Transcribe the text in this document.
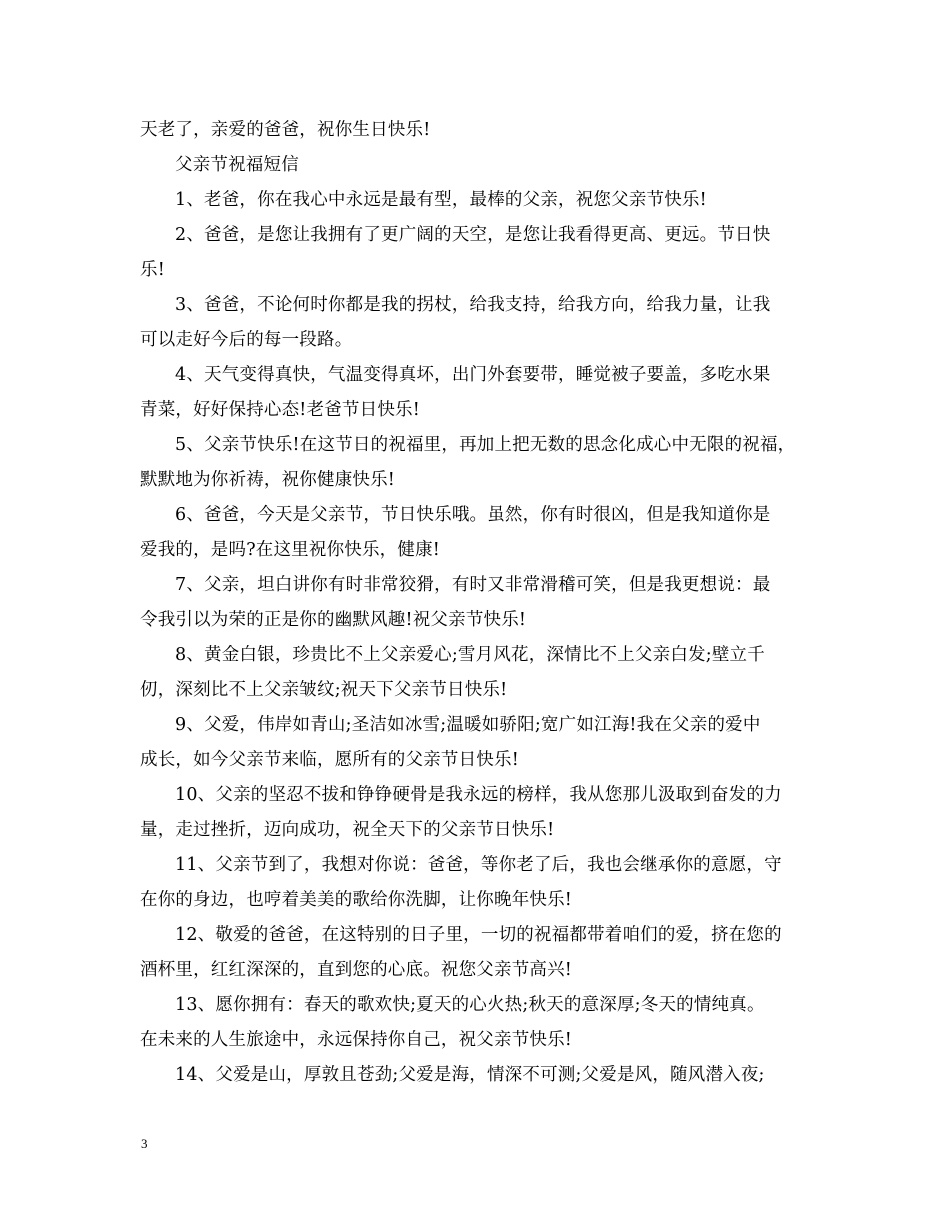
天老了，亲爱的爸爸，祝你生日快乐!
父亲节祝福短信
1、老爸，你在我心中永远是最有型，最棒的父亲，祝您父亲节快乐!
2、爸爸，是您让我拥有了更广阔的天空，是您让我看得更高、更远。节日快
乐!
3、爸爸，不论何时你都是我的拐杖，给我支持，给我方向，给我力量，让我
可以走好今后的每一段路。
4、天气变得真快，气温变得真坏，出门外套要带，睡觉被子要盖，多吃水果
青菜，好好保持心态!老爸节日快乐!
5、父亲节快乐!在这节日的祝福里，再加上把无数的思念化成心中无限的祝福，
默默地为你祈祷，祝你健康快乐!
6、爸爸，今天是父亲节，节日快乐哦。虽然，你有时很凶，但是我知道你是
爱我的，是吗?在这里祝你快乐，健康!
7、父亲，坦白讲你有时非常狡猾，有时又非常滑稽可笑，但是我更想说：最
令我引以为荣的正是你的幽默风趣!祝父亲节快乐!
8、黄金白银，珍贵比不上父亲爱心;雪月风花，深情比不上父亲白发;壁立千
仞，深刻比不上父亲皱纹;祝天下父亲节日快乐!
9、父爱，伟岸如青山;圣洁如冰雪;温暖如骄阳;宽广如江海!我在父亲的爱中
成长，如今父亲节来临，愿所有的父亲节日快乐!
10、父亲的坚忍不拔和铮铮硬骨是我永远的榜样，我从您那儿汲取到奋发的力
量，走过挫折，迈向成功，祝全天下的父亲节日快乐!
11、父亲节到了，我想对你说：爸爸，等你老了后，我也会继承你的意愿，守
在你的身边，也哼着美美的歌给你洗脚，让你晚年快乐!
12、敬爱的爸爸，在这特别的日子里，一切的祝福都带着咱们的爱，挤在您的
酒杯里，红红深深的，直到您的心底。祝您父亲节高兴!
13、愿你拥有：春天的歌欢快;夏天的心火热;秋天的意深厚;冬天的情纯真。
在未来的人生旅途中，永远保持你自己，祝父亲节快乐!
14、父爱是山，厚敦且苍劲;父爱是海，情深不可测;父爱是风，随风潜入夜;
3
